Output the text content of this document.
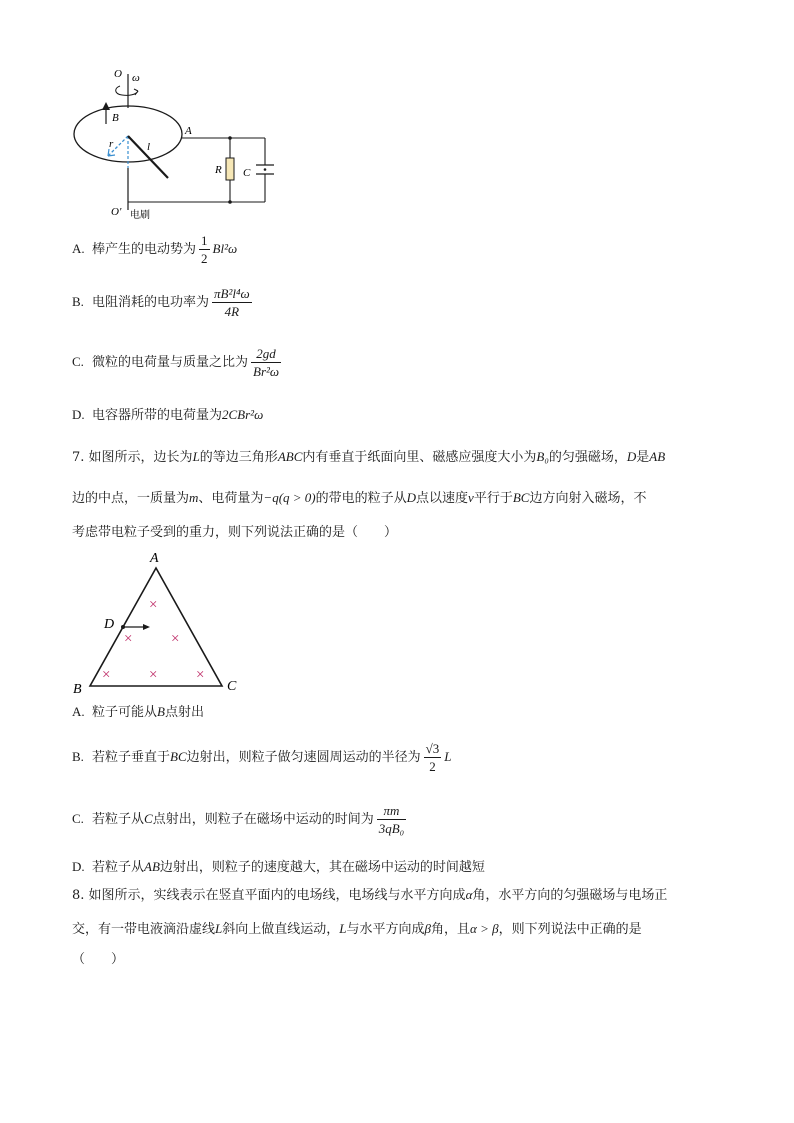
O ω
B
r	l
A
R C
O' 电刷
A. 棒产生的电动势为 $\frac{1}{2} Bl^2\omega$
B. 电阻消耗的电功率为 $\frac{\text{πB²l⁴ω}}{4R}$
C. 微粒的电荷量与质量之比为 $\frac{2gd}{\text{Br²ω}}$
D. 电容器所带的电荷量为2CBr²ω
7. 如图所示，边长为L的等边三角形ABC内有垂直于纸面向里、磁感应强度大小为B₀的匀强磁场，D是AB
边的中点，一质量为m、电荷量为−q(q > 0)的带电的粒子从D点以速度v平行于BC边方向射入磁场，不
考虑带电粒子受到的重力，则下列说法正确的是（　　）
×
×	×
×	×	×
A
B	C
D
A. 粒子可能从B点射出
B. 若粒子垂直于BC边射出，则粒子做匀速圆周运动的半径为 $\frac{√3}{2}$ L
C. 若粒子从C点射出，则粒子在磁场中运动的时间为 $\frac{\pi m}{\text{3qB₀}}$
D. 若粒子从AB边射出，则粒子的速度越大，其在磁场中运动的时间越短
8. 如图所示，实线表示在竖直平面内的电场线，电场线与水平方向成α角，水平方向的匀强磁场与电场正
交，有一带电液滴沿虚线L斜向上做直线运动，L与水平方向成β角，且α > β，则下列说法中正确的是
（　　）
